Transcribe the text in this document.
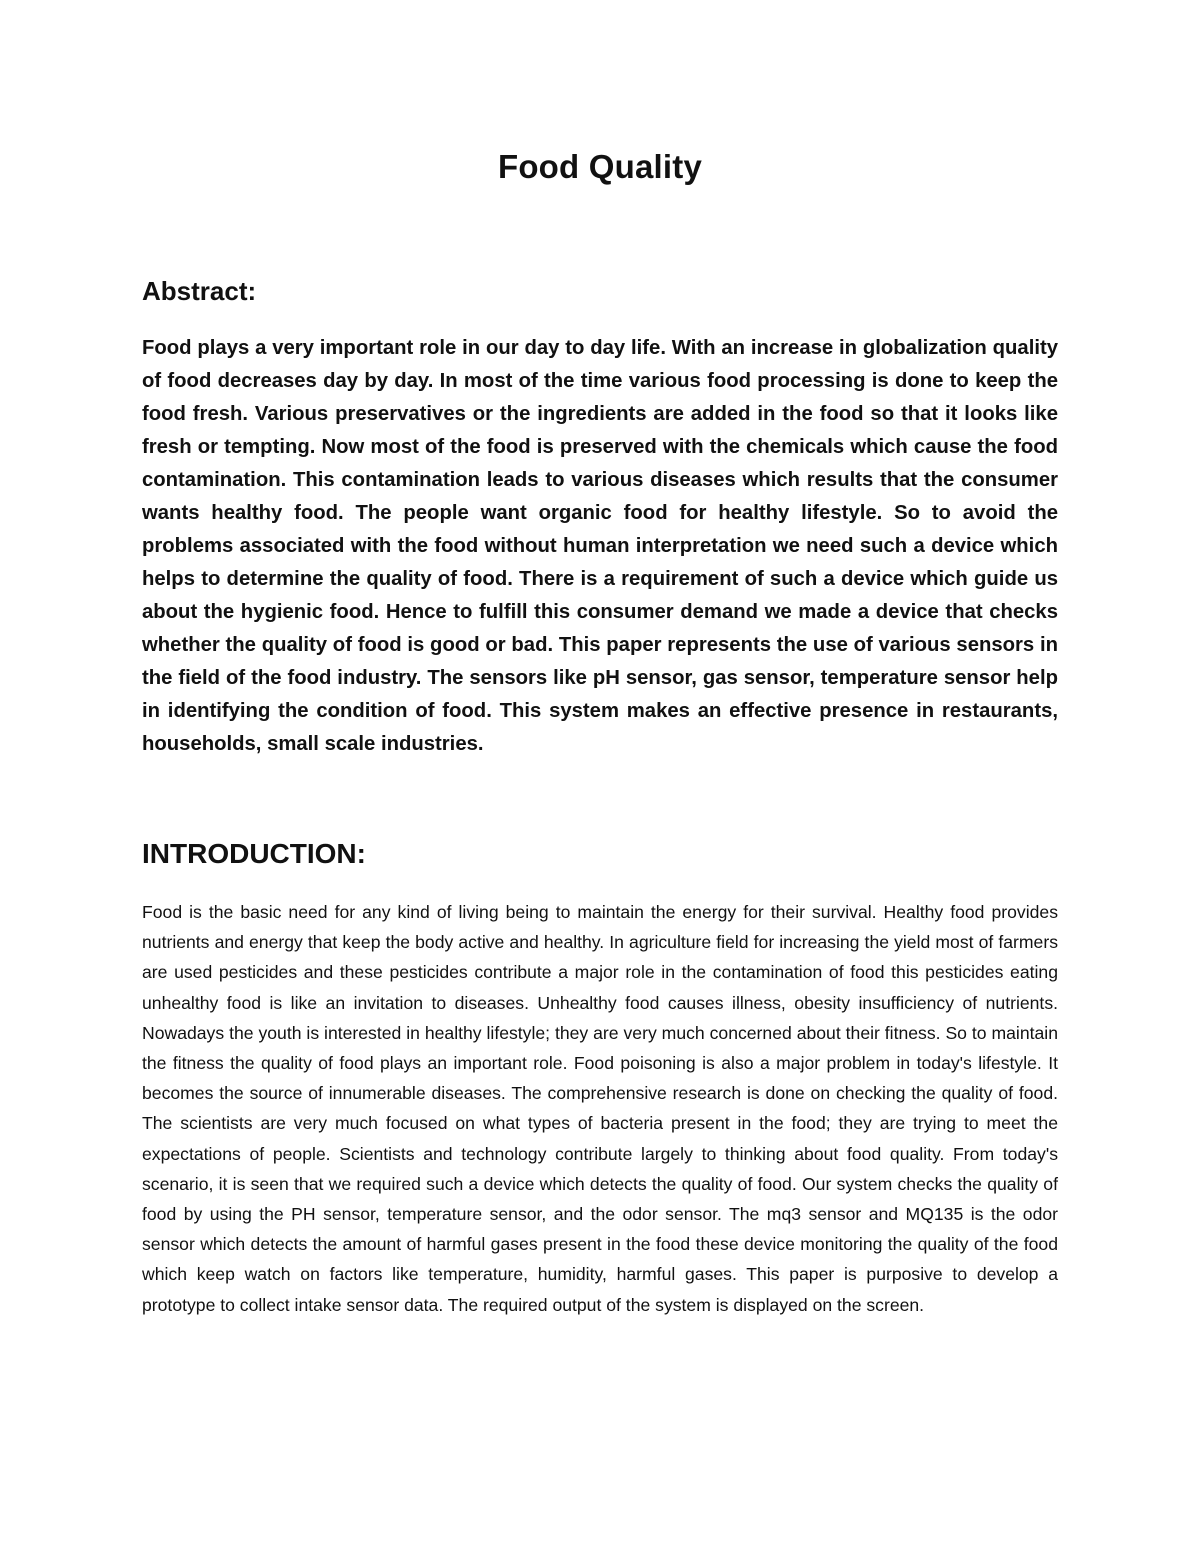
Food Quality
Abstract:

Food plays a very important role in our day to day life. With an increase in globalization quality of food decreases day by day. In most of the time various food processing is done to keep the food fresh. Various preservatives or the ingredients are added in the food so that it looks like fresh or tempting. Now most of the food is preserved with the chemicals which cause the food contamination. This contamination leads to various diseases which results that the consumer wants healthy food. The people want organic food for healthy lifestyle. So to avoid the problems associated with the food without human interpretation we need such a device which helps to determine the quality of food. There is a requirement of such a device which guide us about the hygienic food. Hence to fulfill this consumer demand we made a device that checks whether the quality of food is good or bad. This paper represents the use of various sensors in the field of the food industry. The sensors like pH sensor, gas sensor, temperature sensor help in identifying the condition of food. This system makes an effective presence in restaurants, households, small scale industries.

INTRODUCTION:

Food is the basic need for any kind of living being to maintain the energy for their survival. Healthy food provides nutrients and energy that keep the body active and healthy. In agriculture field for increasing the yield most of farmers are used pesticides and these pesticides contribute a major role in the contamination of food this pesticides eating unhealthy food is like an invitation to diseases. Unhealthy food causes illness, obesity insufficiency of nutrients. Nowadays the youth is interested in healthy lifestyle; they are very much concerned about their fitness. So to maintain the fitness the quality of food plays an important role. Food poisoning is also a major problem in today's lifestyle. It becomes the source of innumerable diseases. The comprehensive research is done on checking the quality of food. The scientists are very much focused on what types of bacteria present in the food; they are trying to meet the expectations of people. Scientists and technology contribute largely to thinking about food quality. From today's scenario, it is seen that we required such a device which detects the quality of food. Our system checks the quality of food by using the PH sensor, temperature sensor, and the odor sensor. The mq3 sensor and MQ135 is the odor sensor which detects the amount of harmful gases present in the food these device monitoring the quality of the food which keep watch on factors like temperature, humidity, harmful gases. This paper is purposive to develop a prototype to collect intake sensor data. The required output of the system is displayed on the screen.
